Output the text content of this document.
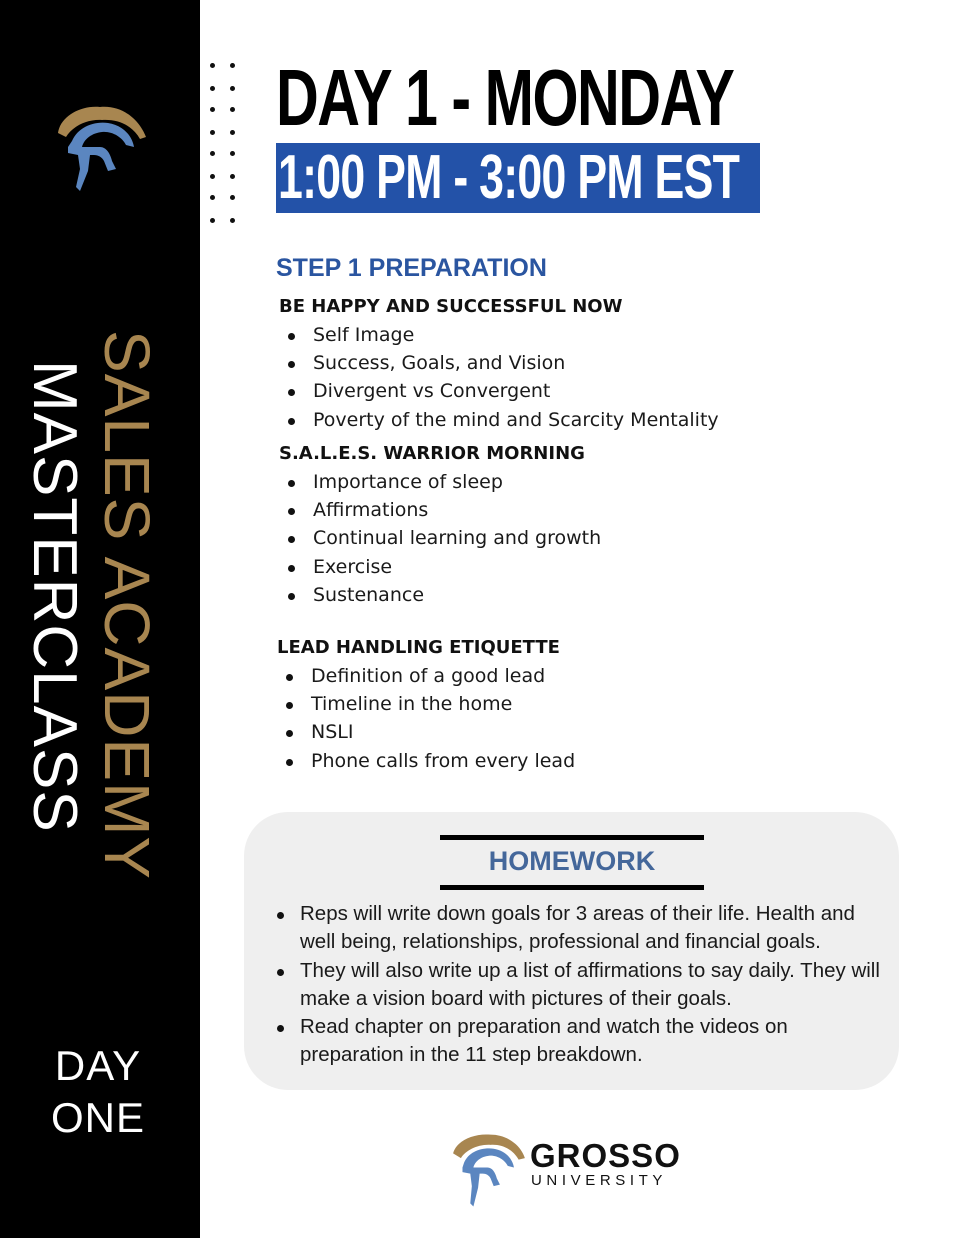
SALES ACADEMY
MASTERCLASS
DAY
ONE
DAY 1 - MONDAY
1:00 PM - 3:00 PM EST
STEP 1 PREPARATION
BE HAPPY AND SUCCESSFUL NOW
Self Image
Success, Goals, and Vision
Divergent vs Convergent
Poverty of the mind and Scarcity Mentality
S.A.L.E.S. WARRIOR MORNING
Importance of sleep
Affirmations
Continual learning and growth
Exercise
Sustenance
LEAD HANDLING ETIQUETTE
Definition of a good lead
Timeline in the home
NSLI
Phone calls from every lead
HOMEWORK
Reps will write down goals for 3 areas of their life. Health and well being, relationships, professional and financial goals.
They will also write up a list of affirmations to say daily. They will make a vision board with pictures of their goals.
Read chapter on preparation and watch the videos on preparation in the 11 step breakdown.
GROSSO
UNIVERSITY
